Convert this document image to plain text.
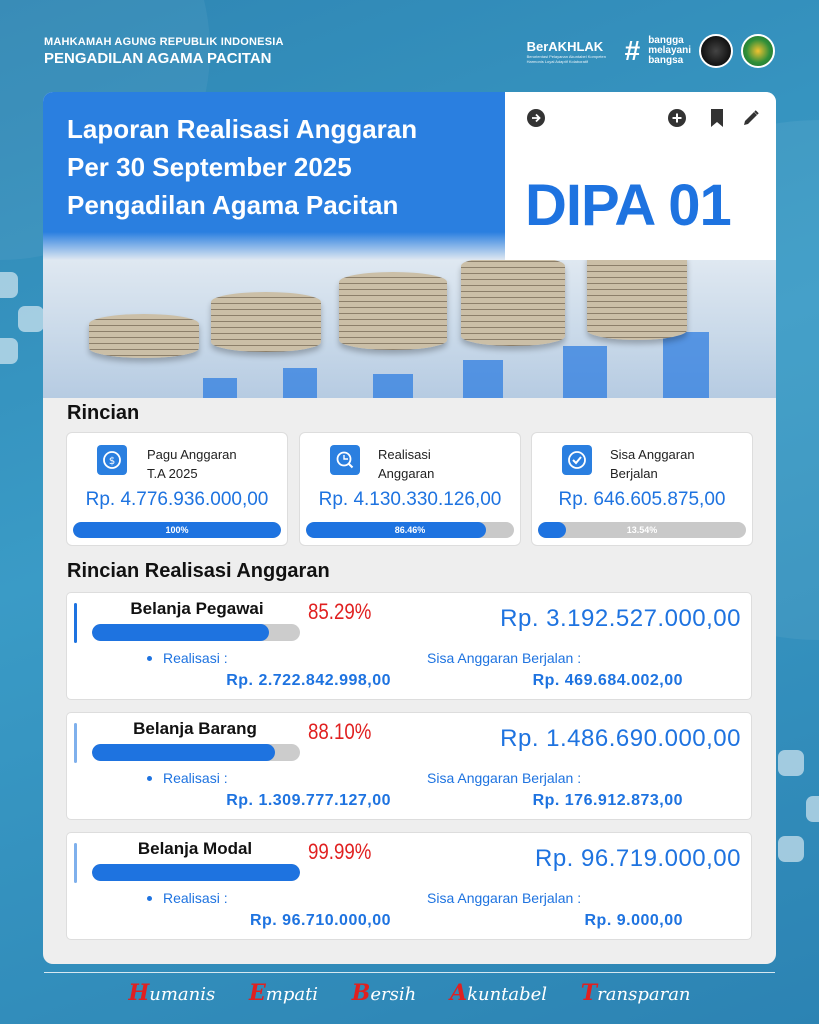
MAHKAMAH AGUNG REPUBLIK INDONESIA
PENGADILAN AGAMA PACITAN
BerAKHLAK
Berorientasi Pelayanan Akuntabel Kompeten Harmonis Loyal Adaptif Kolaboratif	# bangga
melayani
bangsa
Laporan Realisasi Anggaran
Per 30 September 2025
Pengadilan Agama Pacitan	DIPA 01
Rincian
$ Pagu Anggaran
T.A 2025
Rp. 4.776.936.000,00
100%
Realisasi
Anggaran
Rp. 4.130.330.126,00
86.46%
Sisa Anggaran
Berjalan
Rp. 646.605.875,00
13.54%
Rincian Realisasi Anggaran
Belanja Pegawai	85.29%	Rp. 3.192.527.000,00
Realisasi :
Rp. 2.722.842.998,00
Sisa Anggaran Berjalan :
Rp. 469.684.002,00
Belanja Barang	88.10%	Rp. 1.486.690.000,00
Realisasi :
Rp. 1.309.777.127,00
Sisa Anggaran Berjalan :
Rp. 176.912.873,00
Belanja Modal	99.99%	Rp. 96.719.000,00
Realisasi :
Rp. 96.710.000,00
Sisa Anggaran Berjalan :
Rp. 9.000,00
Humanis Empati Bersih Akuntabel Transparan
